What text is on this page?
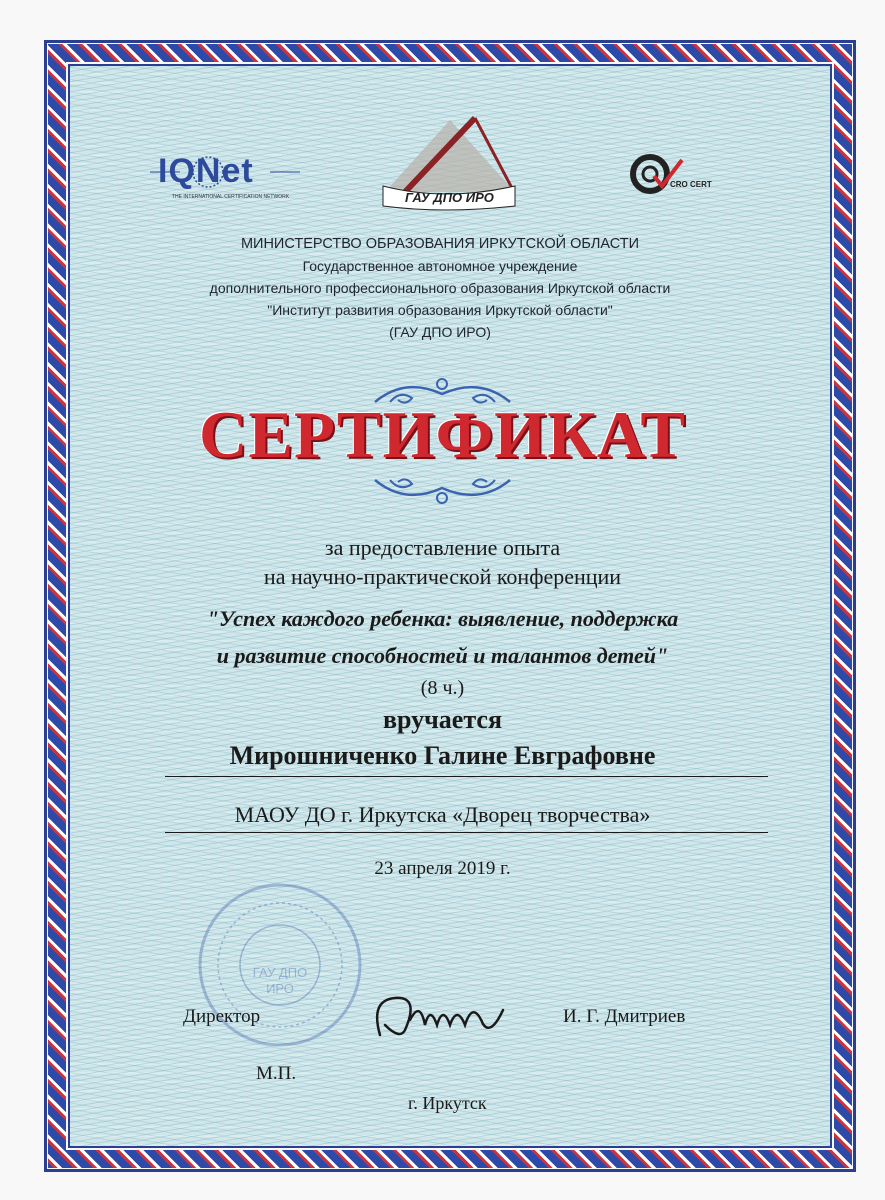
IQNet
THE INTERNATIONAL CERTIFICATION NETWORK	ГАУ ДПО ИРО
CRO CERT
МИНИСТЕРСТВО ОБРАЗОВАНИЯ ИРКУТСКОЙ ОБЛАСТИ
Государственное автономное учреждение
дополнительного профессионального образования Иркутской области
"Институт развития образования Иркутской области"
(ГАУ ДПО ИРО)
СЕРТИФИКАТ
за предоставление опыта
на научно-практической конференции
"Успех каждого ребенка: выявление, поддержка
и развитие способностей и талантов детей"
(8 ч.)
вручается
Мирошниченко Галине Евграфовне
МАОУ ДО г. Иркутска «Дворец творчества»
23 апреля 2019 г.
ГАУ ДПО ИРО
Директор	И. Г. Дмитриев
М.П.
г. Иркутск
